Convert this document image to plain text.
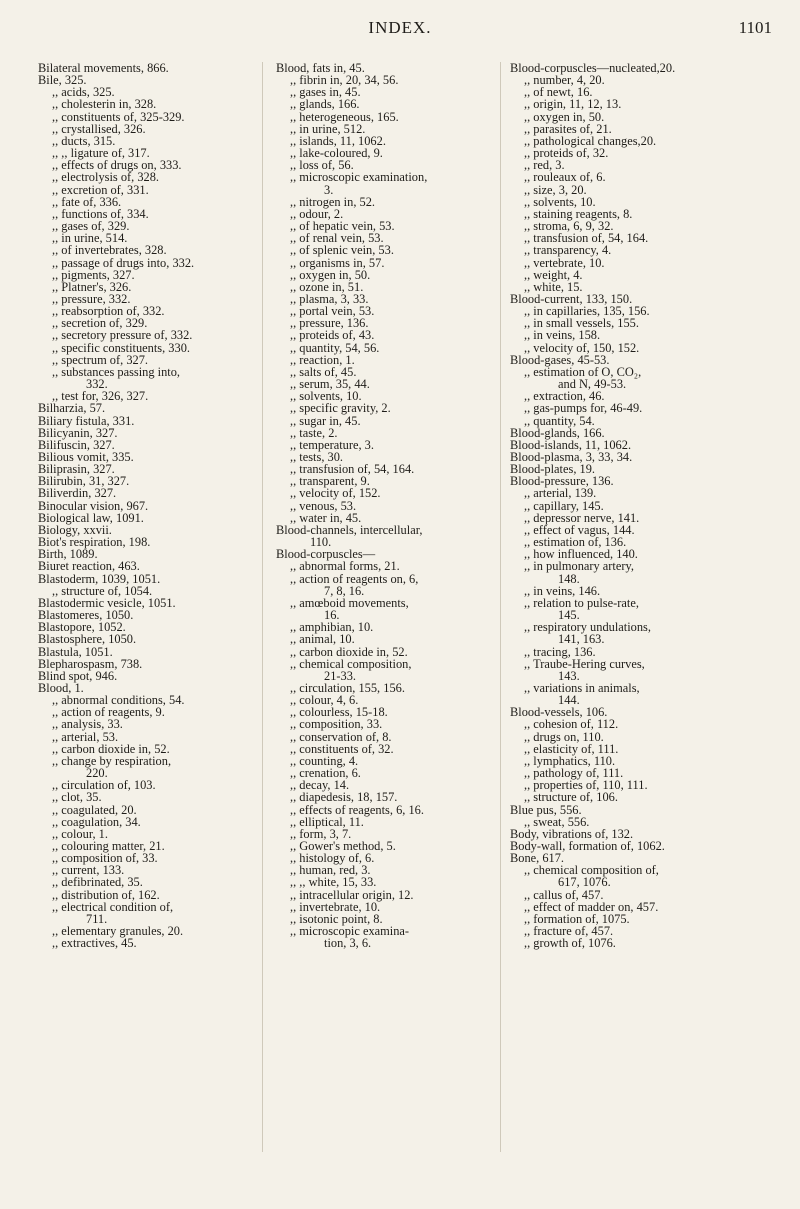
INDEX.	1101
Bilateral movements, 866.
Bile, 325.
,, acids, 325.
,, cholesterin in, 328.
,, constituents of, 325-329.
,, crystallised, 326.
,, ducts, 315.
,, ,, ligature of, 317.
,, effects of drugs on, 333.
,, electrolysis of, 328.
,, excretion of, 331.
,, fate of, 336.
,, functions of, 334.
,, gases of, 329.
,, in urine, 514.
,, of invertebrates, 328.
,, passage of drugs into, 332.
,, pigments, 327.
,, Platner's, 326.
,, pressure, 332.
,, reabsorption of, 332.
,, secretion of, 329.
,, secretory pressure of, 332.
,, specific constituents, 330.
,, spectrum of, 327.
,, substances passing into,
332.
,, test for, 326, 327.
Bilharzia, 57.
Biliary fistula, 331.
Bilicyanin, 327.
Bilifuscin, 327.
Bilious vomit, 335.
Biliprasin, 327.
Bilirubin, 31, 327.
Biliverdin, 327.
Binocular vision, 967.
Biological law, 1091.
Biology, xxvii.
Biot's respiration, 198.
Birth, 1089.
Biuret reaction, 463.
Blastoderm, 1039, 1051.
,, structure of, 1054.
Blastodermic vesicle, 1051.
Blastomeres, 1050.
Blastopore, 1052.
Blastosphere, 1050.
Blastula, 1051.
Blepharospasm, 738.
Blind spot, 946.
Blood, 1.
,, abnormal conditions, 54.
,, action of reagents, 9.
,, analysis, 33.
,, arterial, 53.
,, carbon dioxide in, 52.
,, change by respiration,
220.
,, circulation of, 103.
,, clot, 35.
,, coagulated, 20.
,, coagulation, 34.
,, colour, 1.
,, colouring matter, 21.
,, composition of, 33.
,, current, 133.
,, defibrinated, 35.
,, distribution of, 162.
,, electrical condition of,
711.
,, elementary granules, 20.
,, extractives, 45.
Blood, fats in, 45.
,, fibrin in, 20, 34, 56.
,, gases in, 45.
,, glands, 166.
,, heterogeneous, 165.
,, in urine, 512.
,, islands, 11, 1062.
,, lake-coloured, 9.
,, loss of, 56.
,, microscopic examination,
3.
,, nitrogen in, 52.
,, odour, 2.
,, of hepatic vein, 53.
,, of renal vein, 53.
,, of splenic vein, 53.
,, organisms in, 57.
,, oxygen in, 50.
,, ozone in, 51.
,, plasma, 3, 33.
,, portal vein, 53.
,, pressure, 136.
,, proteids of, 43.
,, quantity, 54, 56.
,, reaction, 1.
,, salts of, 45.
,, serum, 35, 44.
,, solvents, 10.
,, specific gravity, 2.
,, sugar in, 45.
,, taste, 2.
,, temperature, 3.
,, tests, 30.
,, transfusion of, 54, 164.
,, transparent, 9.
,, velocity of, 152.
,, venous, 53.
,, water in, 45.
Blood-channels, intercellular,
110.
Blood-corpuscles—
,, abnormal forms, 21.
,, action of reagents on, 6,
7, 8, 16.
,, amœboid movements,
16.
,, amphibian, 10.
,, animal, 10.
,, carbon dioxide in, 52.
,, chemical composition,
21-33.
,, circulation, 155, 156.
,, colour, 4, 6.
,, colourless, 15-18.
,, composition, 33.
,, conservation of, 8.
,, constituents of, 32.
,, counting, 4.
,, crenation, 6.
,, decay, 14.
,, diapedesis, 18, 157.
,, effects of reagents, 6, 16.
,, elliptical, 11.
,, form, 3, 7.
,, Gower's method, 5.
,, histology of, 6.
,, human, red, 3.
,, ,, white, 15, 33.
,, intracellular origin, 12.
,, invertebrate, 10.
,, isotonic point, 8.
,, microscopic examina-
tion, 3, 6.
Blood-corpuscles—nucleated,20.
,, number, 4, 20.
,, of newt, 16.
,, origin, 11, 12, 13.
,, oxygen in, 50.
,, parasites of, 21.
,, pathological changes,20.
,, proteids of, 32.
,, red, 3.
,, rouleaux of, 6.
,, size, 3, 20.
,, solvents, 10.
,, staining reagents, 8.
,, stroma, 6, 9, 32.
,, transfusion of, 54, 164.
,, transparency, 4.
,, vertebrate, 10.
,, weight, 4.
,, white, 15.
Blood-current, 133, 150.
,, in capillaries, 135, 156.
,, in small vessels, 155.
,, in veins, 158.
,, velocity of, 150, 152.
Blood-gases, 45-53.
,, estimation of O, CO₂,
and N, 49-53.
,, extraction, 46.
,, gas-pumps for, 46-49.
,, quantity, 54.
Blood-glands, 166.
Blood-islands, 11, 1062.
Blood-plasma, 3, 33, 34.
Blood-plates, 19.
Blood-pressure, 136.
,, arterial, 139.
,, capillary, 145.
,, depressor nerve, 141.
,, effect of vagus, 144.
,, estimation of, 136.
,, how influenced, 140.
,, in pulmonary artery,
148.
,, in veins, 146.
,, relation to pulse-rate,
145.
,, respiratory undulations,
141, 163.
,, tracing, 136.
,, Traube-Hering curves,
143.
,, variations in animals,
144.
Blood-vessels, 106.
,, cohesion of, 112.
,, drugs on, 110.
,, elasticity of, 111.
,, lymphatics, 110.
,, pathology of, 111.
,, properties of, 110, 111.
,, structure of, 106.
Blue pus, 556.
,, sweat, 556.
Body, vibrations of, 132.
Body-wall, formation of, 1062.
Bone, 617.
,, chemical composition of,
617, 1076.
,, callus of, 457.
,, effect of madder on, 457.
,, formation of, 1075.
,, fracture of, 457.
,, growth of, 1076.
